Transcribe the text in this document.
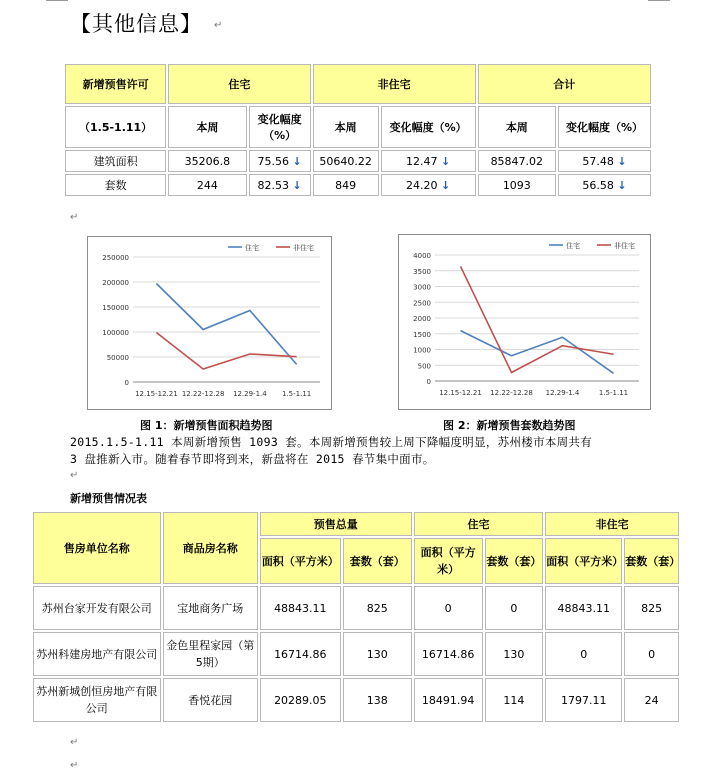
【其他信息】 ↵
新增预售许可	住宅		非住宅		合计	
（1.5-1.11）	本周	变化幅度（%）	本周	变化幅度（%）	本周	变化幅度（%）
建筑面积	35206.8	75.56 ↓	50640.22	12.47 ↓	85847.02	57.48 ↓
套数	244	82.53 ↓	849	24.20 ↓	1093	56.58 ↓
↵
0
50000
100000
150000
200000
250000
12.15-12.21 12.22-12.28 12.29-1.4 1.5-1.11
住宅	非住宅
0
500
1000
1500
2000
2500
3000
3500
4000
12.15-12.21 12.22-12.28 12.29-1.4	1.5-1.11
住宅	非住宅
图 1：新增预售面积趋势图	图 2：新增预售套数趋势图
2015.1.5-1.11 本周新增预售 1093 套。本周新增预售较上周下降幅度明显，苏州楼市本周共有
3 盘推新入市。随着春节即将到来，新盘将在 2015 春节集中面市。
↵
新增预售情况表
售房单位名称	商品房名称	预售总量		住宅		非住宅	
		面积（平方米）	套数（套）	面积（平方米）	套数（套）	面积（平方米）	套数（套）
苏州台家开发有限公司	宝地商务广场	48843.11	825	0	0	48843.11	825
苏州科建房地产有限公司	金色里程家园（第5期）	16714.86	130	16714.86	130	0	0
苏州新城创恒房地产有限公司	香悦花园	20289.05	138	18491.94	114	1797.11	24
↵
↵
